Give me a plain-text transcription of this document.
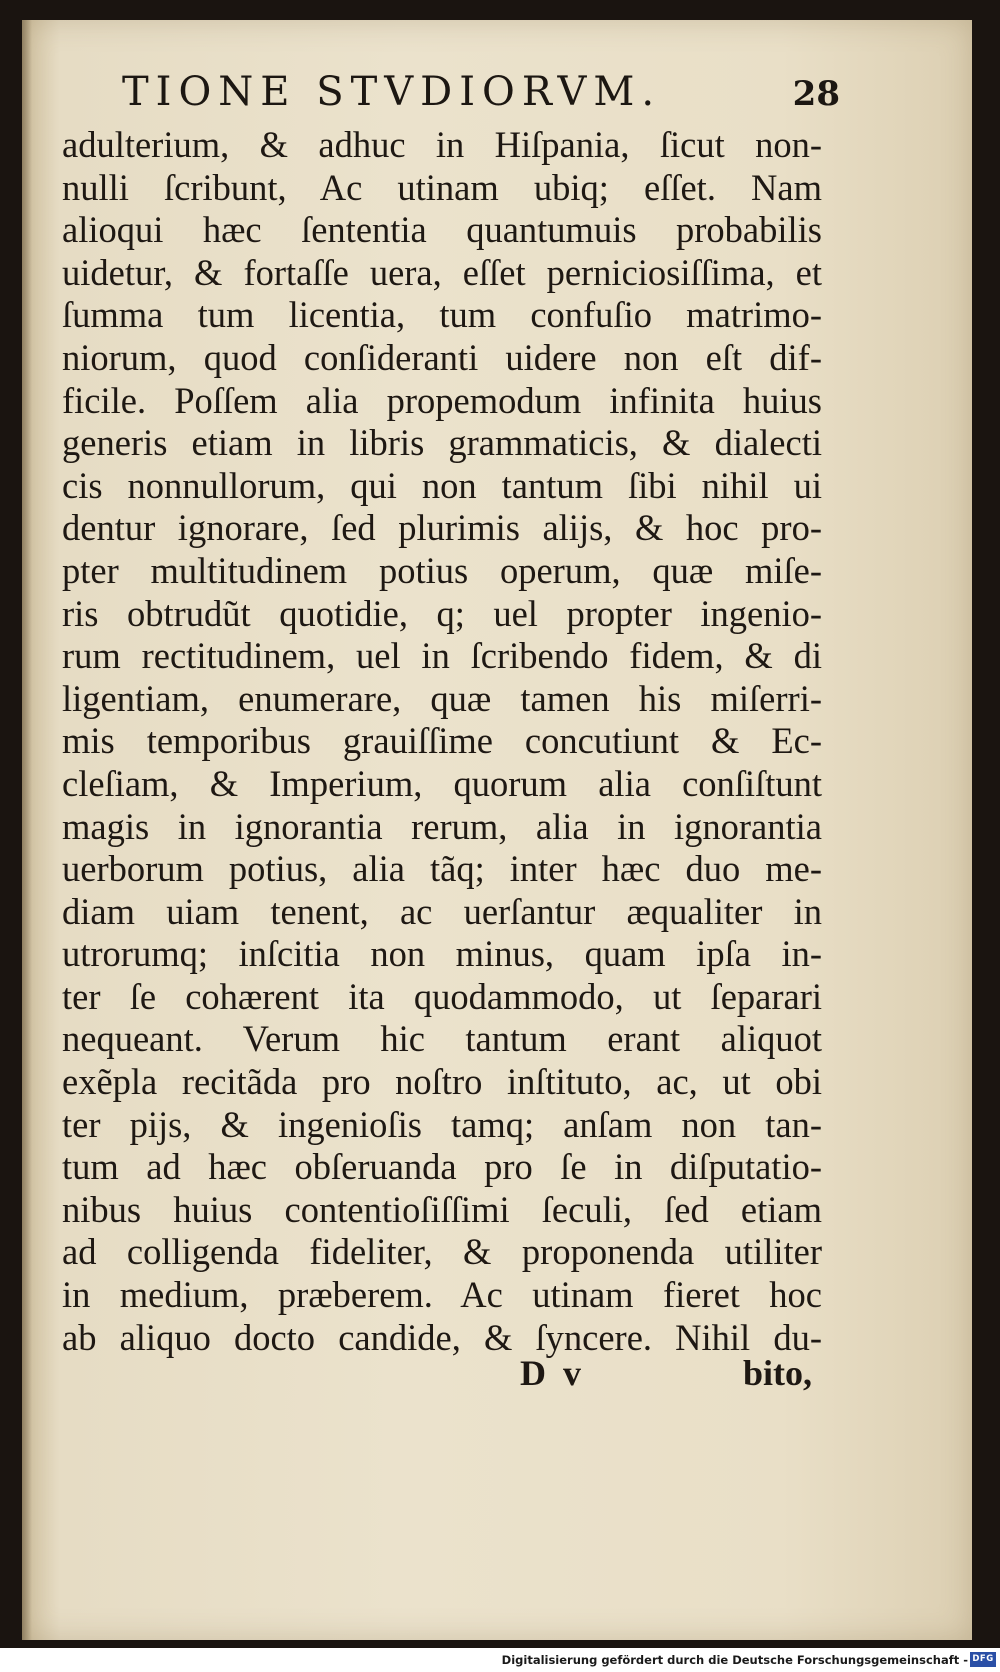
TIONE STVDIORVM.	28
adulterium, & adhuc in Hiſpania, ſicut non-
nulli ſcribunt, Ac utinam ubiq; eſſet. Nam
alioqui hæc ſententia quantumuis probabilis
uidetur, & fortaſſe uera, eſſet perniciosiſſima, et
ſumma tum licentia, tum confuſio matrimo-
niorum, quod conſideranti uidere non eſt dif-
ficile. Poſſem alia propemodum infinita huius
generis etiam in libris grammaticis, & dialecti
cis nonnullorum, qui non tantum ſibi nihil ui
dentur ignorare, ſed plurimis alijs, & hoc pro-
pter multitudinem potius operum, quæ miſe-
ris obtrudũt quotidie, q; uel propter ingenio-
rum rectitudinem, uel in ſcribendo fidem, & di
ligentiam, enumerare, quæ tamen his miſerri-
mis temporibus grauiſſime concutiunt & Ec-
cleſiam, & Imperium, quorum alia conſiſtunt
magis in ignorantia rerum, alia in ignorantia
uerborum potius, alia tãq; inter hæc duo me-
diam uiam tenent, ac uerſantur æqualiter in
utrorumq; inſcitia non minus, quam ipſa in-
ter ſe cohærent ita quodammodo, ut ſeparari
nequeant. Verum hic tantum erant aliquot
exẽpla recitãda pro noſtro inſtituto, ac, ut obi
ter pijs, & ingenioſis tamq; anſam non tan-
tum ad hæc obſeruanda pro ſe in diſputatio-
nibus huius contentioſiſſimi ſeculi, ſed etiam
ad colligenda fideliter, & proponenda utiliter
in medium, præberem. Ac utinam fieret hoc
ab aliquo docto candide, & ſyncere. Nihil du-
D v	bito,
Digitalisierung gefördert durch die Deutsche Forschungsgemeinschaft - DFG
